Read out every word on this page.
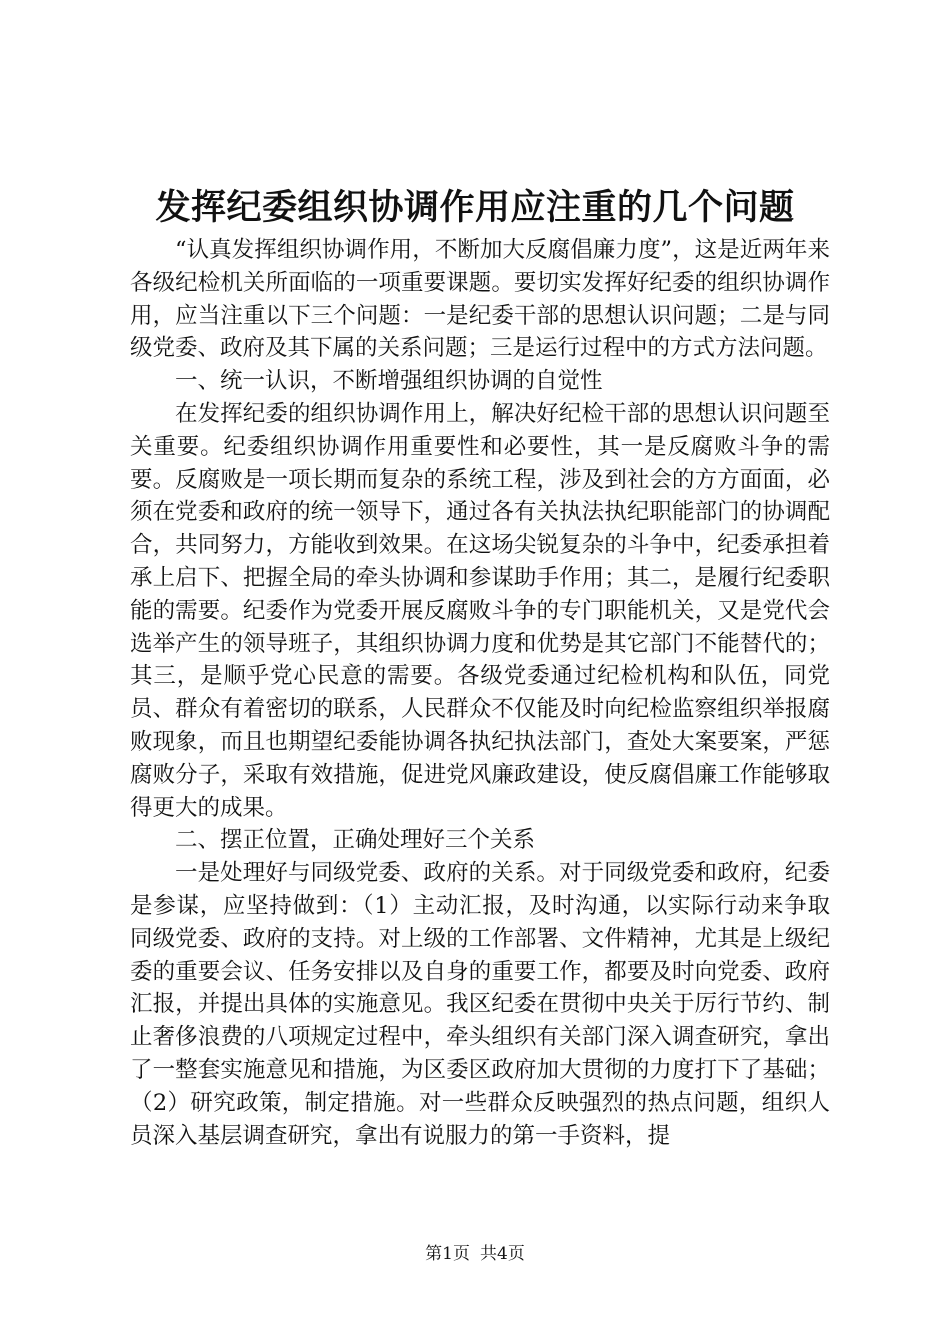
发挥纪委组织协调作用应注重的几个问题

“认真发挥组织协调作用，不断加大反腐倡廉力度”，这是近两年来各级纪检机关所面临的一项重要课题。要切实发挥好纪委的组织协调作用，应当注重以下三个问题：一是纪委干部的思想认识问题；二是与同级党委、政府及其下属的关系问题；三是运行过程中的方式方法问题。

一、统一认识，不断增强组织协调的自觉性

在发挥纪委的组织协调作用上，解决好纪检干部的思想认识问题至关重要。纪委组织协调作用重要性和必要性，其一是反腐败斗争的需要。反腐败是一项长期而复杂的系统工程，涉及到社会的方方面面，必须在党委和政府的统一领导下，通过各有关执法执纪职能部门的协调配合，共同努力，方能收到效果。在这场尖锐复杂的斗争中，纪委承担着承上启下、把握全局的牵头协调和参谋助手作用；其二，是履行纪委职能的需要。纪委作为党委开展反腐败斗争的专门职能机关，又是党代会选举产生的领导班子，其组织协调力度和优势是其它部门不能替代的；其三，是顺乎党心民意的需要。各级党委通过纪检机构和队伍，同党员、群众有着密切的联系，人民群众不仅能及时向纪检监察组织举报腐败现象，而且也期望纪委能协调各执纪执法部门，查处大案要案，严惩腐败分子，采取有效措施，促进党风廉政建设，使反腐倡廉工作能够取得更大的成果。

二、摆正位置，正确处理好三个关系

一是处理好与同级党委、政府的关系。对于同级党委和政府，纪委是参谋，应坚持做到：（1）主动汇报，及时沟通，以实际行动来争取同级党委、政府的支持。对上级的工作部署、文件精神，尤其是上级纪委的重要会议、任务安排以及自身的重要工作，都要及时向党委、政府汇报，并提出具体的实施意见。我区纪委在贯彻中央关于厉行节约、制止奢侈浪费的八项规定过程中，牵头组织有关部门深入调查研究，拿出了一整套实施意见和措施，为区委区政府加大贯彻的力度打下了基础；（2）研究政策，制定措施。对一些群众反映强烈的热点问题，组织人员深入基层调查研究，拿出有说服力的第一手资料，提

第1页 共4页
